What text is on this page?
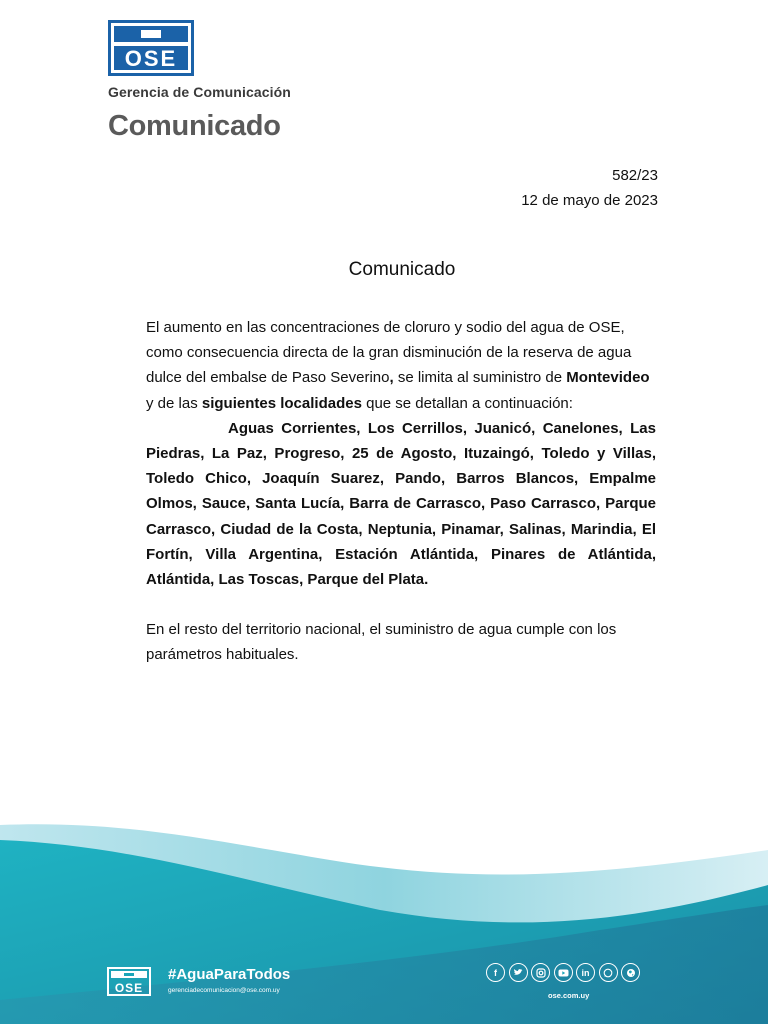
OSE
Gerencia de Comunicación
Comunicado
582/23
12 de mayo de 2023
Comunicado

El aumento en las concentraciones de cloruro y sodio del agua de OSE, como consecuencia directa de la gran disminución de la reserva de agua dulce del embalse de Paso Severino, se limita al suministro de Montevideo y de las siguientes localidades que se detallan a continuación:

Aguas Corrientes, Los Cerrillos, Juanicó, Canelones, Las Piedras, La Paz, Progreso, 25 de Agosto, Ituzaingó, Toledo y Villas, Toledo Chico, Joaquín Suarez, Pando, Barros Blancos, Empalme Olmos, Sauce, Santa Lucía, Barra de Carrasco, Paso Carrasco, Parque Carrasco, Ciudad de la Costa, Neptunia, Pinamar, Salinas, Marindia, El Fortín, Villa Argentina, Estación Atlántida, Pinares de Atlántida, Atlántida, Las Toscas, Parque del Plata.

En el resto del territorio nacional, el suministro de agua cumple con los parámetros habituales.

OSE
#AguaParaTodos
gerenciadecomunicacion@ose.com.uy
f	in
ose.com.uy
